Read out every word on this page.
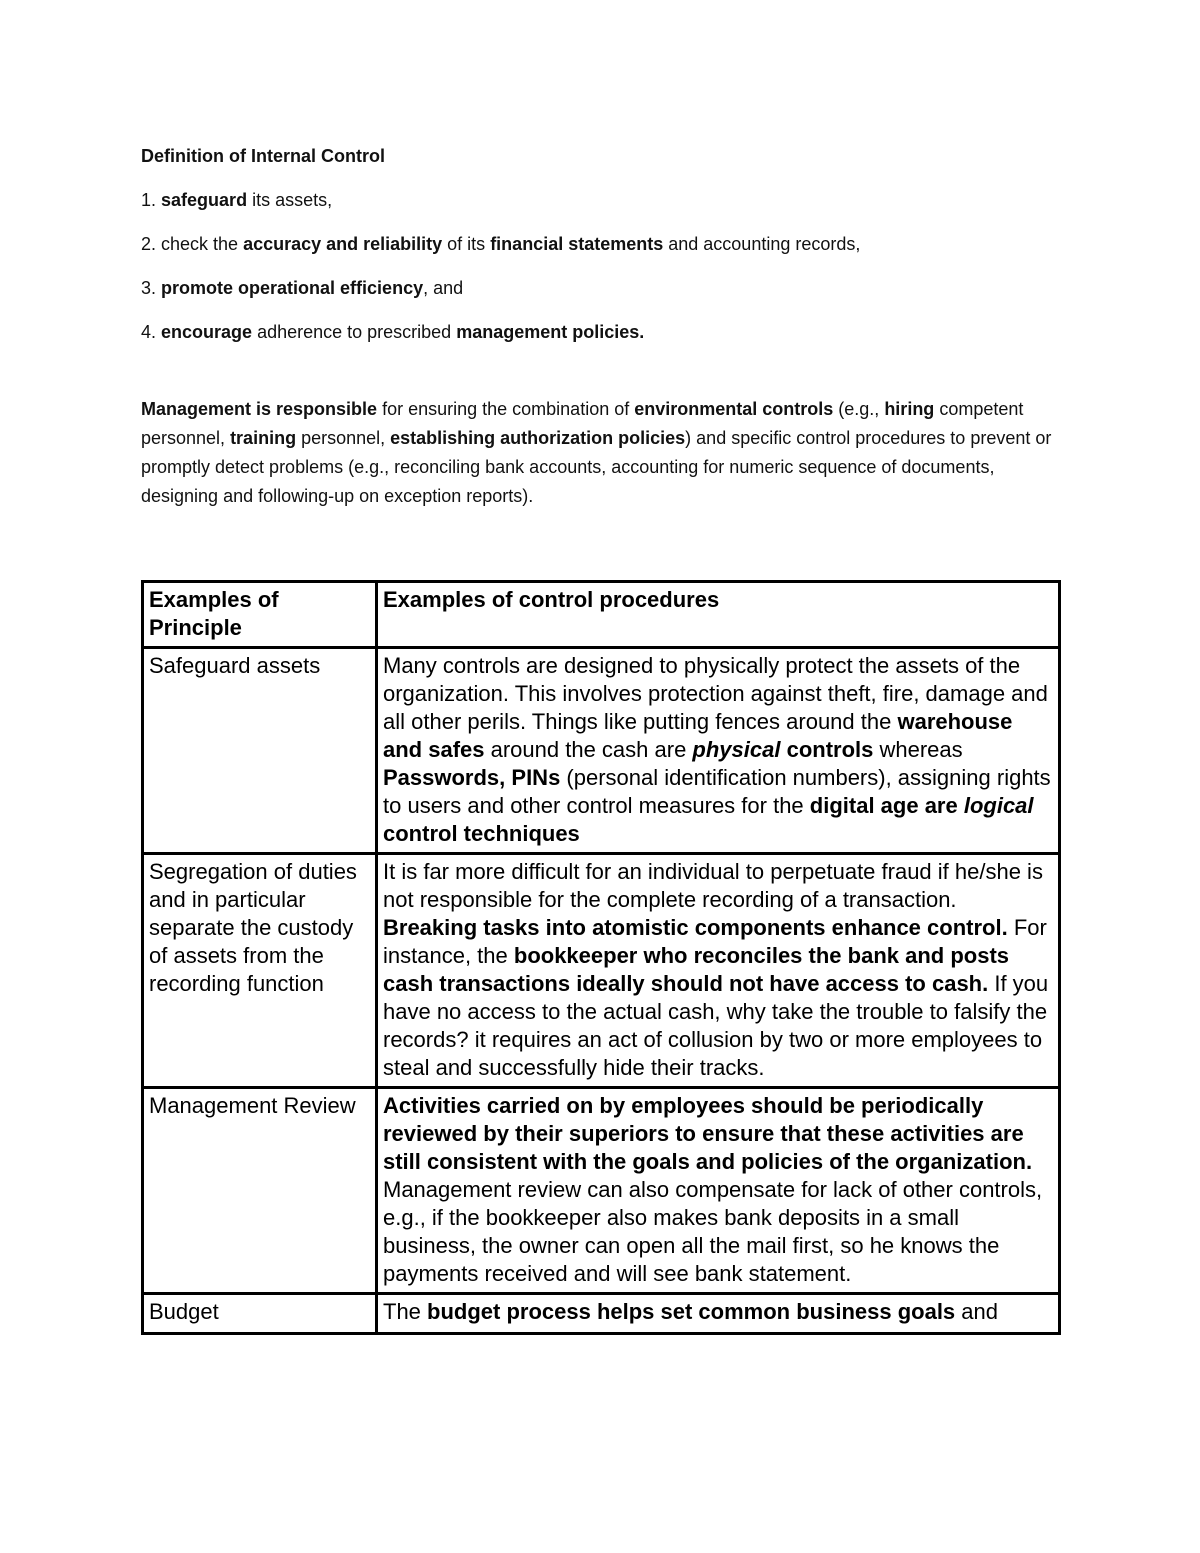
Definition of Internal Control

1. safeguard its assets,

2. check the accuracy and reliability of its financial statements and accounting records,

3. promote operational efficiency, and

4. encourage adherence to prescribed management policies.

Management is responsible for ensuring the combination of environmental controls (e.g., hiring competent personnel, training personnel, establishing authorization policies) and specific control procedures to prevent or promptly detect problems (e.g., reconciling bank accounts, accounting for numeric sequence of documents, designing and following-up on exception reports).

Examples of Principle	Examples of control procedures
Safeguard assets	Many controls are designed to physically protect the assets of the organization. This involves protection against theft, fire, damage and all other perils. Things like putting fences around the warehouse and safes around the cash are physical controls whereas Passwords, PINs (personal identification numbers), assigning rights to users and other control measures for the digital age are logical control techniques
Segregation of duties and in particular separate the custody of assets from the recording function	It is far more difficult for an individual to perpetuate fraud if he/she is not responsible for the complete recording of a transaction. Breaking tasks into atomistic components enhance control. For instance, the bookkeeper who reconciles the bank and posts cash transactions ideally should not have access to cash. If you have no access to the actual cash, why take the trouble to falsify the records? it requires an act of collusion by two or more employees to steal and successfully hide their tracks.
Management Review	Activities carried on by employees should be periodically reviewed by their superiors to ensure that these activities are still consistent with the goals and policies of the organization. Management review can also compensate for lack of other controls, e.g., if the bookkeeper also makes bank deposits in a small business, the owner can open all the mail first, so he knows the payments received and will see bank statement.
Budget	The budget process helps set common business goals and
